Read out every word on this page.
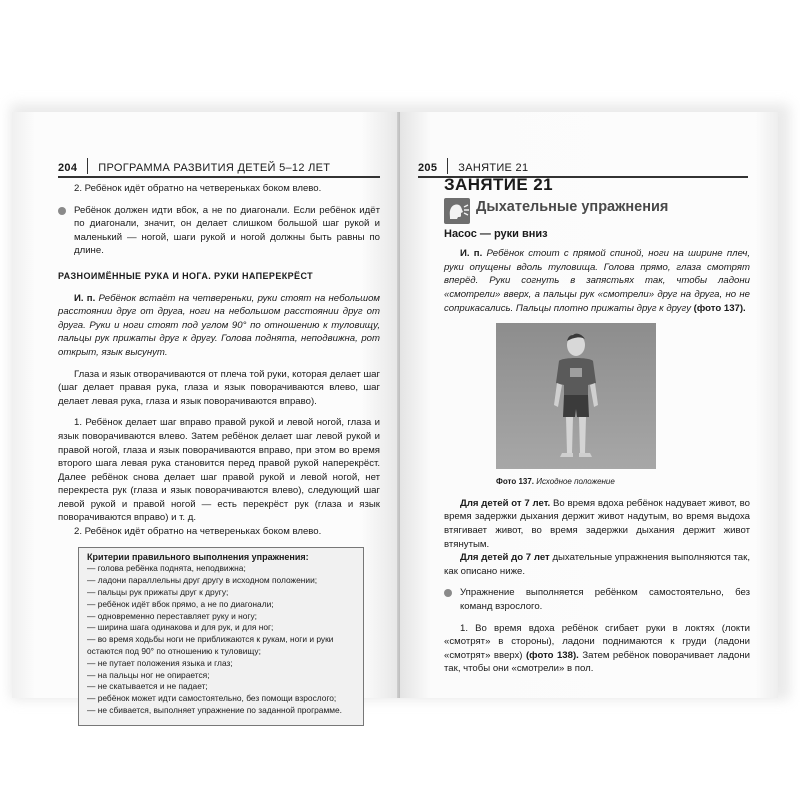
204 ПРОГРАММА РАЗВИТИЯ ДЕТЕЙ 5–12 ЛЕТ

2. Ребёнок идёт обратно на четвереньках боком влево.

Ребёнок должен идти вбок, а не по диагонали. Если ребёнок идёт по диагонали, значит, он делает слишком большой шаг рукой и маленький — ногой, шаги рукой и ногой должны быть равны по длине.

РАЗНОИМЁННЫЕ РУКА И НОГА. РУКИ НАПЕРЕКРЁСТ

И. п. Ребёнок встаёт на четвереньки, руки стоят на небольшом расстоянии друг от друга, ноги на небольшом расстоянии друг от друга. Руки и ноги стоят под углом 90° по отношению к туловищу, пальцы рук прижаты друг к другу. Голова поднята, неподвижна, рот открыт, язык высунут.

Глаза и язык отворачиваются от плеча той руки, которая делает шаг (шаг делает правая рука, глаза и язык поворачиваются влево, шаг делает левая рука, глаза и язык поворачиваются вправо).

1. Ребёнок делает шаг вправо правой рукой и левой ногой, глаза и язык поворачиваются влево. Затем ребёнок делает шаг левой рукой и правой ногой, глаза и язык поворачиваются вправо, при этом во время второго шага левая рука становится перед правой рукой наперекрёст. Далее ребёнок снова делает шаг правой рукой и левой ногой, нет перекреста рук (глаза и язык поворачиваются влево), следующий шаг левой рукой и правой ногой — есть перекрёст рук (глаза и язык поворачиваются вправо) и т. д.

2. Ребёнок идёт обратно на четвереньках боком влево.

Критерии правильного выполнения упражнения:
— голова ребёнка поднята, неподвижна;
— ладони параллельны друг другу в исходном положении;
— пальцы рук прижаты друг к другу;
— ребёнок идёт вбок прямо, а не по диагонали;
— одновременно переставляет руку и ногу;
— ширина шага одинакова и для рук, и для ног;
— во время ходьбы ноги не приближаются к рукам, ноги и руки остаются под 90° по отношению к туловищу;
— не путает положения языка и глаз;
— на пальцы ног не опирается;
— не скатывается и не падает;
— ребёнок может идти самостоятельно, без помощи взрослого;
— не сбивается, выполняет упражнение по заданной программе.
205 ЗАНЯТИЕ 21

ЗАНЯТИЕ 21

Дыхательные упражнения

Насос — руки вниз

И. п. Ребёнок стоит с прямой спиной, ноги на ширине плеч, руки опущены вдоль туловища. Голова прямо, глаза смотрят вперёд. Руки согнуть в запястьях так, чтобы ладони «смотрели» вверх, а пальцы рук «смотрели» друг на друга, но не соприкасались. Пальцы плотно прижаты друг к другу (фото 137).

Фото 137. Исходное положение

Для детей от 7 лет. Во время вдоха ребёнок надувает живот, во время задержки дыхания держит живот надутым, во время выдоха втягивает живот, во время задержки дыхания держит живот втянутым.

Для детей до 7 лет дыхательные упражнения выполняются так, как описано ниже.

Упражнение выполняется ребёнком самостоятельно, без команд взрослого.

1. Во время вдоха ребёнок сгибает руки в локтях (локти «смотрят» в стороны), ладони поднимаются к груди (ладони «смотрят» вверх) (фото 138). Затем ребёнок поворачивает ладони так, чтобы они «смотрели» в пол.
